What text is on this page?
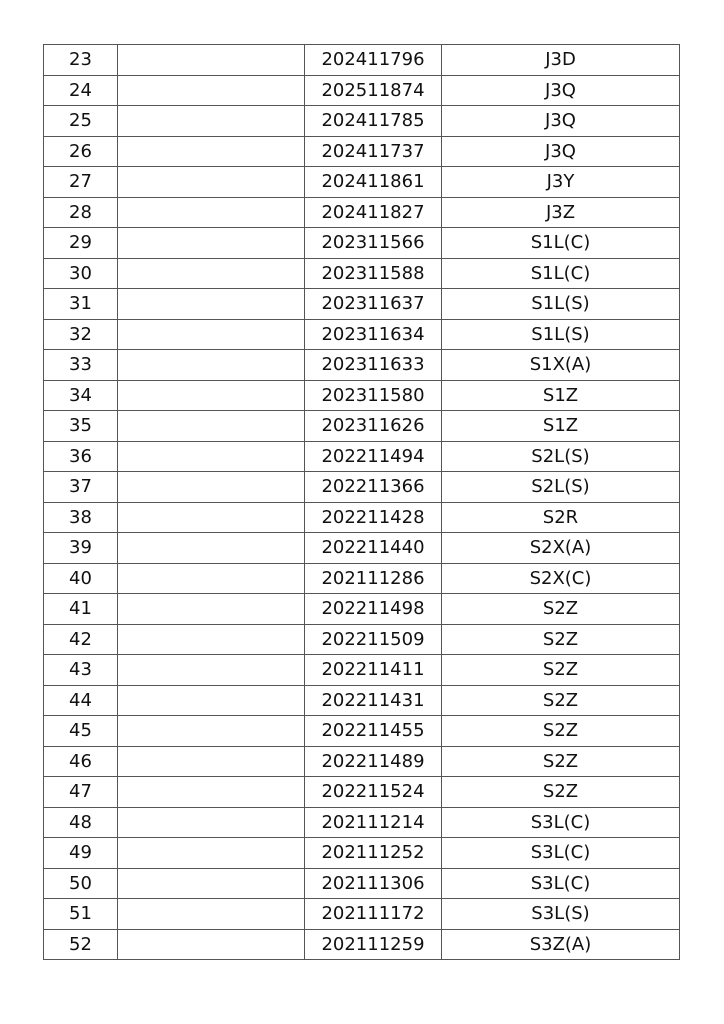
23		202411796	J3D
24		202511874	J3Q
25		202411785	J3Q
26		202411737	J3Q
27		202411861	J3Y
28		202411827	J3Z
29		202311566	S1L(C)
30		202311588	S1L(C)
31		202311637	S1L(S)
32		202311634	S1L(S)
33		202311633	S1X(A)
34		202311580	S1Z
35		202311626	S1Z
36		202211494	S2L(S)
37		202211366	S2L(S)
38		202211428	S2R
39		202211440	S2X(A)
40		202111286	S2X(C)
41		202211498	S2Z
42		202211509	S2Z
43		202211411	S2Z
44		202211431	S2Z
45		202211455	S2Z
46		202211489	S2Z
47		202211524	S2Z
48		202111214	S3L(C)
49		202111252	S3L(C)
50		202111306	S3L(C)
51		202111172	S3L(S)
52		202111259	S3Z(A)
